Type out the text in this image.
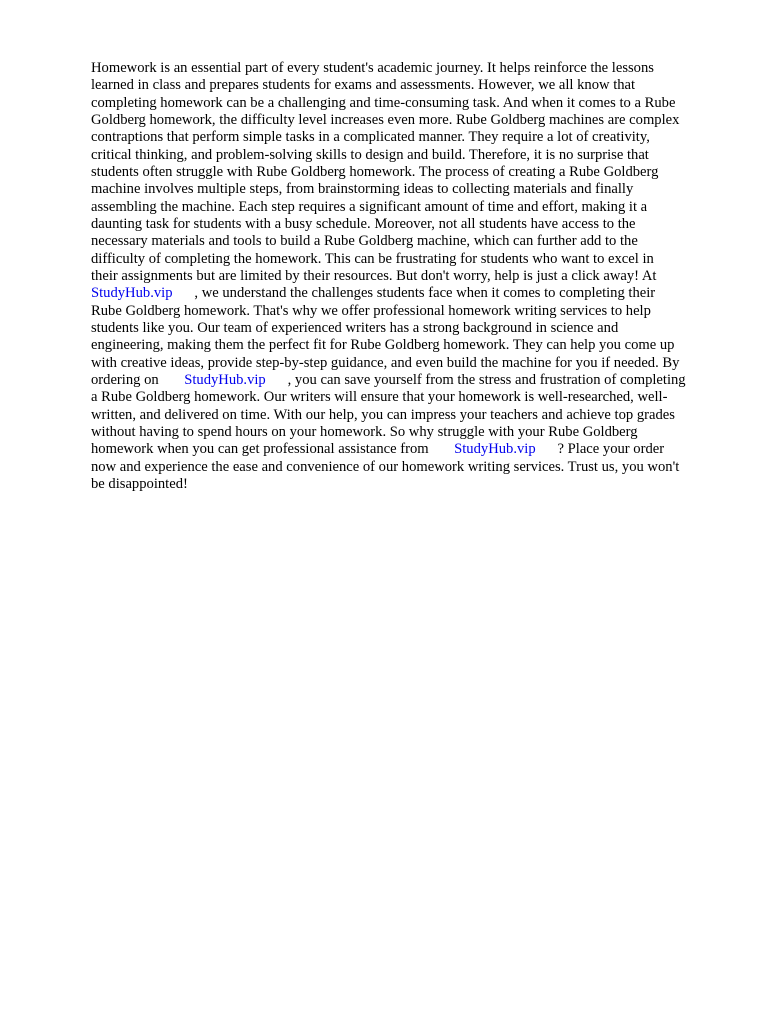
Homework is an essential part of every student's academic journey. It helps reinforce the lessons
learned in class and prepares students for exams and assessments. However, we all know that
completing homework can be a challenging and time-consuming task. And when it comes to a Rube
Goldberg homework, the difficulty level increases even more. Rube Goldberg machines are complex
contraptions that perform simple tasks in a complicated manner. They require a lot of creativity,
critical thinking, and problem-solving skills to design and build. Therefore, it is no surprise that
students often struggle with Rube Goldberg homework. The process of creating a Rube Goldberg
machine involves multiple steps, from brainstorming ideas to collecting materials and finally
assembling the machine. Each step requires a significant amount of time and effort, making it a
daunting task for students with a busy schedule. Moreover, not all students have access to the
necessary materials and tools to build a Rube Goldberg machine, which can further add to the
difficulty of completing the homework. This can be frustrating for students who want to excel in
their assignments but are limited by their resources. But don't worry, help is just a click away! At
StudyHub.vip      , we understand the challenges students face when it comes to completing their
Rube Goldberg homework. That's why we offer professional homework writing services to help
students like you. Our team of experienced writers has a strong background in science and
engineering, making them the perfect fit for Rube Goldberg homework. They can help you come up
with creative ideas, provide step-by-step guidance, and even build the machine for you if needed. By
ordering on       StudyHub.vip      , you can save yourself from the stress and frustration of completing
a Rube Goldberg homework. Our writers will ensure that your homework is well-researched, well-
written, and delivered on time. With our help, you can impress your teachers and achieve top grades
without having to spend hours on your homework. So why struggle with your Rube Goldberg
homework when you can get professional assistance from       StudyHub.vip      ? Place your order
now and experience the ease and convenience of our homework writing services. Trust us, you won't
be disappointed!
